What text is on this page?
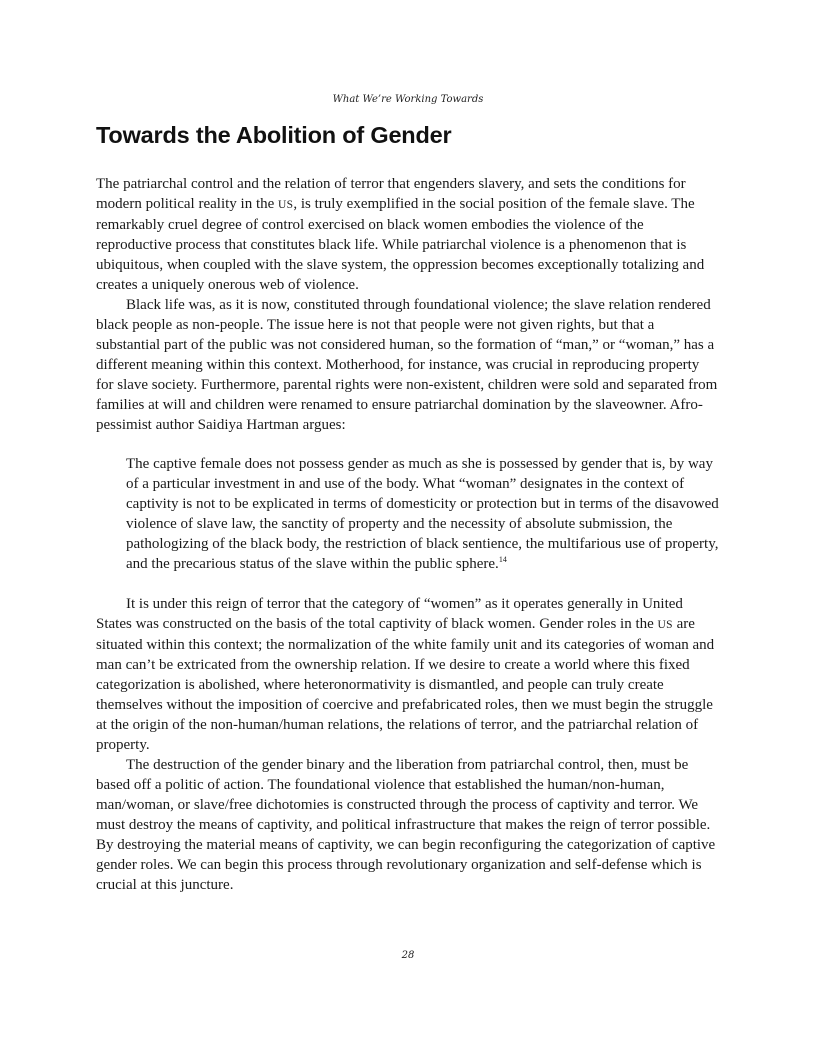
What We’re Working Towards
Towards the Abolition of Gender

The patriarchal control and the relation of terror that engenders slavery, and sets the conditions for modern political reality in the US, is truly exemplified in the social position of the female slave. The remarkably cruel degree of control exercised on black women embodies the violence of the reproductive process that constitutes black life. While patriarchal violence is a phenomenon that is ubiquitous, when coupled with the slave system, the oppression becomes exceptionally totalizing and creates a uniquely onerous web of violence.

Black life was, as it is now, constituted through foundational violence; the slave relation rendered black people as non-people. The issue here is not that people were not given rights, but that a substantial part of the public was not considered human, so the formation of “man,” or “woman,” has a different meaning within this context. Motherhood, for instance, was crucial in reproducing property for slave society. Furthermore, parental rights were non-existent, children were sold and separated from families at will and children were renamed to ensure patriarchal domination by the slaveowner. Afro-pessimist author Saidiya Hartman argues:

The captive female does not possess gender as much as she is possessed by gender that is, by way of a particular investment in and use of the body. What “woman” designates in the context of captivity is not to be explicated in terms of domesticity or protection but in terms of the disavowed violence of slave law, the sanctity of property and the necessity of absolute submission, the pathologizing of the black body, the restriction of black sentience, the multifarious use of property, and the precarious status of the slave within the public sphere.$^{14}$

It is under this reign of terror that the category of “women” as it operates generally in United States was constructed on the basis of the total captivity of black women. Gender roles in the US are situated within this context; the normalization of the white family unit and its categories of woman and man can’t be extricated from the ownership relation. If we desire to create a world where this fixed categorization is abolished, where heteronormativity is dismantled, and people can truly create themselves without the imposition of coercive and prefabricated roles, then we must begin the struggle at the origin of the non-human/human relations, the relations of terror, and the patriarchal relation of property.

The destruction of the gender binary and the liberation from patriarchal control, then, must be based off a politic of action. The foundational violence that established the human/non-human, man/woman, or slave/free dichotomies is constructed through the process of captivity and terror. We must destroy the means of captivity, and political infrastructure that makes the reign of terror possible. By destroying the material means of captivity, we can begin reconfiguring the categorization of captive gender roles. We can begin this process through revolutionary organization and self-defense which is crucial at this juncture.

28
